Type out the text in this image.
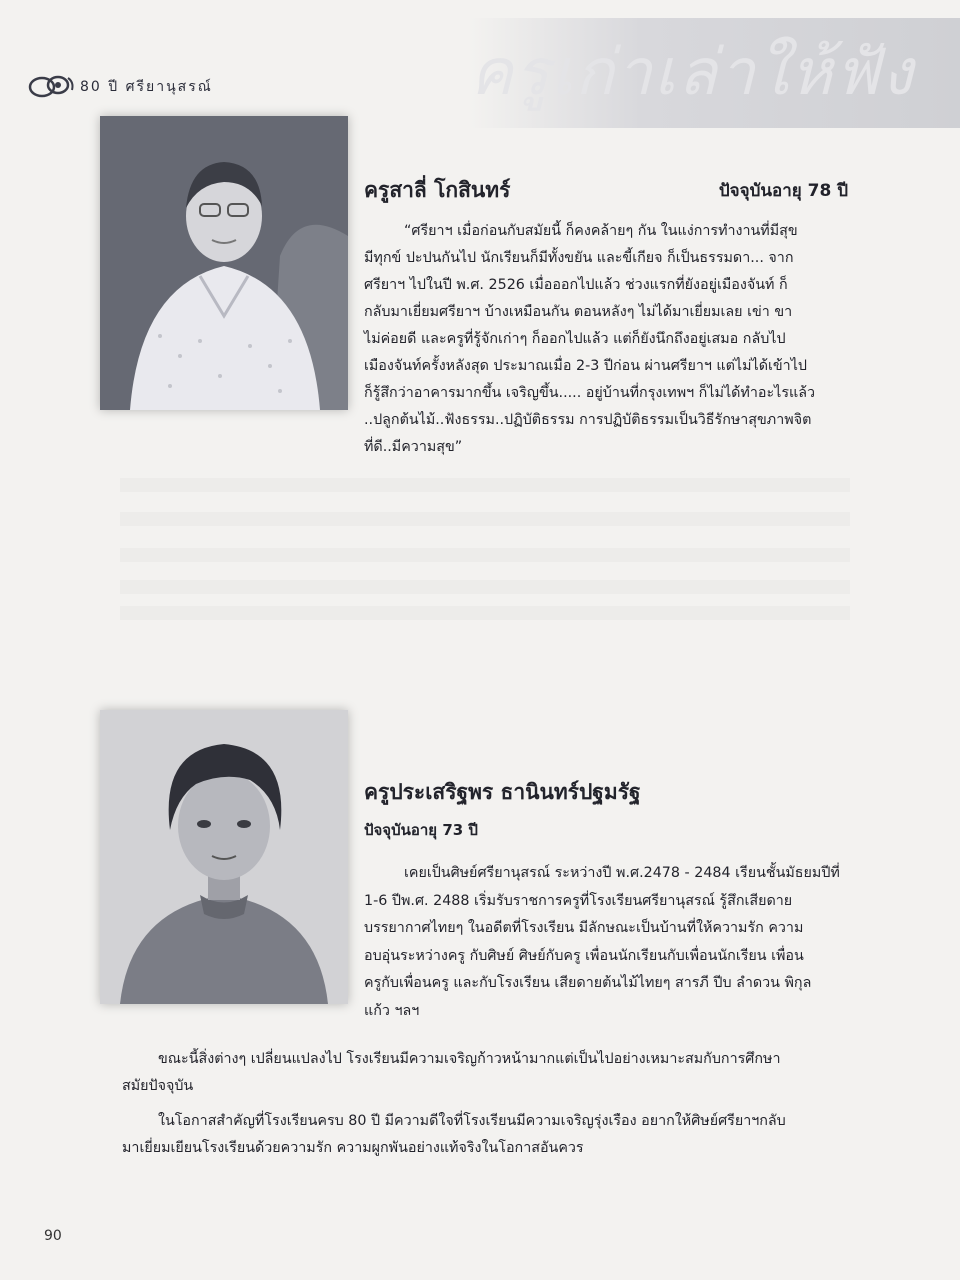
ครูเก่าเล่าให้ฟัง
80 ปี ศรียานุสรณ์
ครูสาลี่ โกสินทร์	ปัจจุบันอายุ 78 ปี

“ศรียาฯ เมื่อก่อนกับสมัยนี้ ก็คงคล้ายๆ กัน ในแง่การทำงานที่มีสุข

มีทุกข์ ปะปนกันไป นักเรียนก็มีทั้งขยัน และขี้เกียจ ก็เป็นธรรมดา... จาก
ศรียาฯ ไปในปี พ.ศ. 2526 เมื่อออกไปแล้ว ช่วงแรกที่ยังอยู่เมืองจันท์ ก็
กลับมาเยี่ยมศรียาฯ บ้างเหมือนกัน ตอนหลังๆ ไม่ได้มาเยี่ยมเลย เข่า ขา
ไม่ค่อยดี และครูที่รู้จักเก่าๆ ก็ออกไปแล้ว แต่ก็ยังนึกถึงอยู่เสมอ กลับไป
เมืองจันท์ครั้งหลังสุด ประมาณเมื่อ 2-3 ปีก่อน ผ่านศรียาฯ แต่ไม่ได้เข้าไป
ก็รู้สึกว่าอาคารมากขึ้น เจริญขึ้น..... อยู่บ้านที่กรุงเทพฯ ก็ไม่ได้ทำอะไรแล้ว
..ปลูกต้นไม้..ฟังธรรม..ปฏิบัติธรรม การปฏิบัติธรรมเป็นวิธีรักษาสุขภาพจิต
ที่ดี..มีความสุข”
ครูประเสริฐพร ธานินทร์ปฐมรัฐ
ปัจจุบันอายุ 73 ปี

เคยเป็นศิษย์ศรียานุสรณ์ ระหว่างปี พ.ศ.2478 - 2484 เรียนชั้นมัธยมปีที่

1-6 ปีพ.ศ. 2488 เริ่มรับราชการครูที่โรงเรียนศรียานุสรณ์ รู้สึกเสียดาย
บรรยากาศไทยๆ ในอดีตที่โรงเรียน มีลักษณะเป็นบ้านที่ให้ความรัก ความ
อบอุ่นระหว่างครู กับศิษย์ ศิษย์กับครู เพื่อนนักเรียนกับเพื่อนนักเรียน เพื่อน
ครูกับเพื่อนครู และกับโรงเรียน เสียดายต้นไม้ไทยๆ สารภี ปีบ ลำดวน พิกุล
แก้ว ฯลฯ

ขณะนี้สิ่งต่างๆ เปลี่ยนแปลงไป โรงเรียนมีความเจริญก้าวหน้ามากแต่เป็นไปอย่างเหมาะสมกับการศึกษา

สมัยปัจจุบัน

ในโอกาสสำคัญที่โรงเรียนครบ 80 ปี มีความดีใจที่โรงเรียนมีความเจริญรุ่งเรือง อยากให้ศิษย์ศรียาฯกลับ

มาเยี่ยมเยียนโรงเรียนด้วยความรัก ความผูกพันอย่างแท้จริงในโอกาสอันควร
90
